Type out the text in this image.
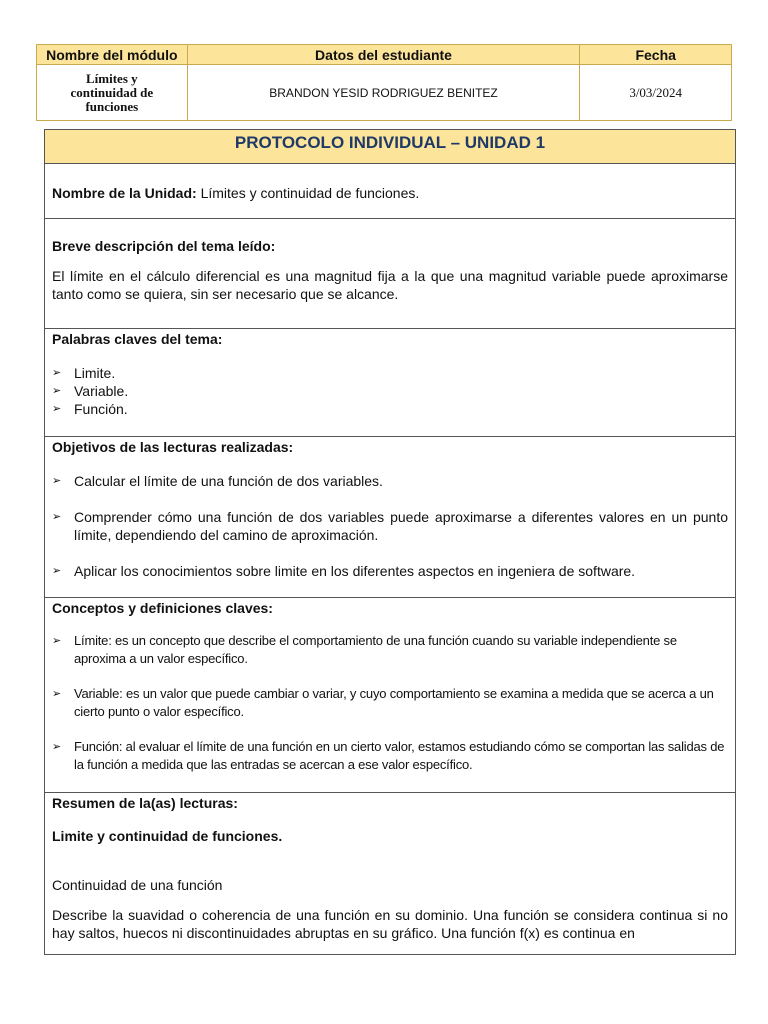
Nombre del módulo	Datos del estudiante	Fecha

Límites y
continuidad de
funciones	BRANDON YESID RODRIGUEZ BENITEZ	3/03/2024
PROTOCOLO INDIVIDUAL – UNIDAD 1
Nombre de la Unidad: Límites y continuidad de funciones.

Breve descripción del tema leído:

El límite en el cálculo diferencial es una magnitud fija a la que una magnitud variable puede aproximarse tanto como se quiera, sin ser necesario que se alcance.

Palabras claves del tema:

➢ Limite.
➢ Variable.
➢ Función.

Objetivos de las lecturas realizadas:

➢ Calcular el límite de una función de dos variables.
➢ Comprender cómo una función de dos variables puede aproximarse a diferentes valores en un punto límite, dependiendo del camino de aproximación.
➢ Aplicar los conocimientos sobre limite en los diferentes aspectos en ingeniera de software.

Conceptos y definiciones claves:

➢ Límite: es un concepto que describe el comportamiento de una función cuando su variable independiente se aproxima a un valor específico.
➢ Variable: es un valor que puede cambiar o variar, y cuyo comportamiento se examina a medida que se acerca a un cierto punto o valor específico.
➢ Función: al evaluar el límite de una función en un cierto valor, estamos estudiando cómo se comportan las salidas de la función a medida que las entradas se acercan a ese valor específico.

Resumen de la(as) lecturas:

Limite y continuidad de funciones.

Continuidad de una función

Describe la suavidad o coherencia de una función en su dominio. Una función se considera continua si no hay saltos, huecos ni discontinuidades abruptas en su gráfico. Una función f(x) es continua en
